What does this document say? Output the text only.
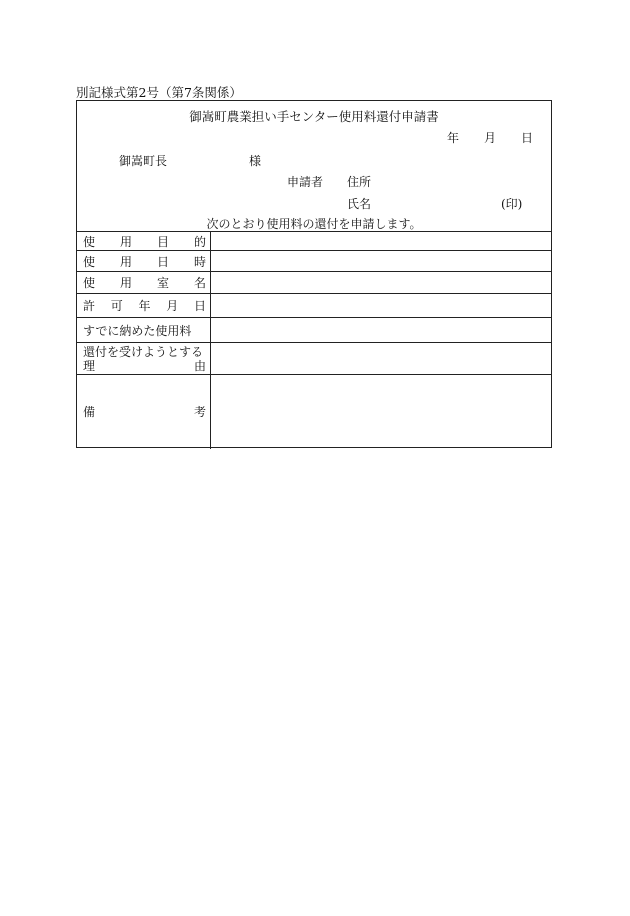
別記様式第2号（第7条関係）
御嵩町農業担い手センター使用料還付申請書
年 月 日
御嵩町長	様
申請者 住所
氏名	(印)
次のとおり使用料の還付を申請します。
使 用 目 的	

使 用 日 時	

使 用 室 名	

許 可 年 月 日	

すでに納めた使用料	

還付を受けようとする
理 由	

備 考	
